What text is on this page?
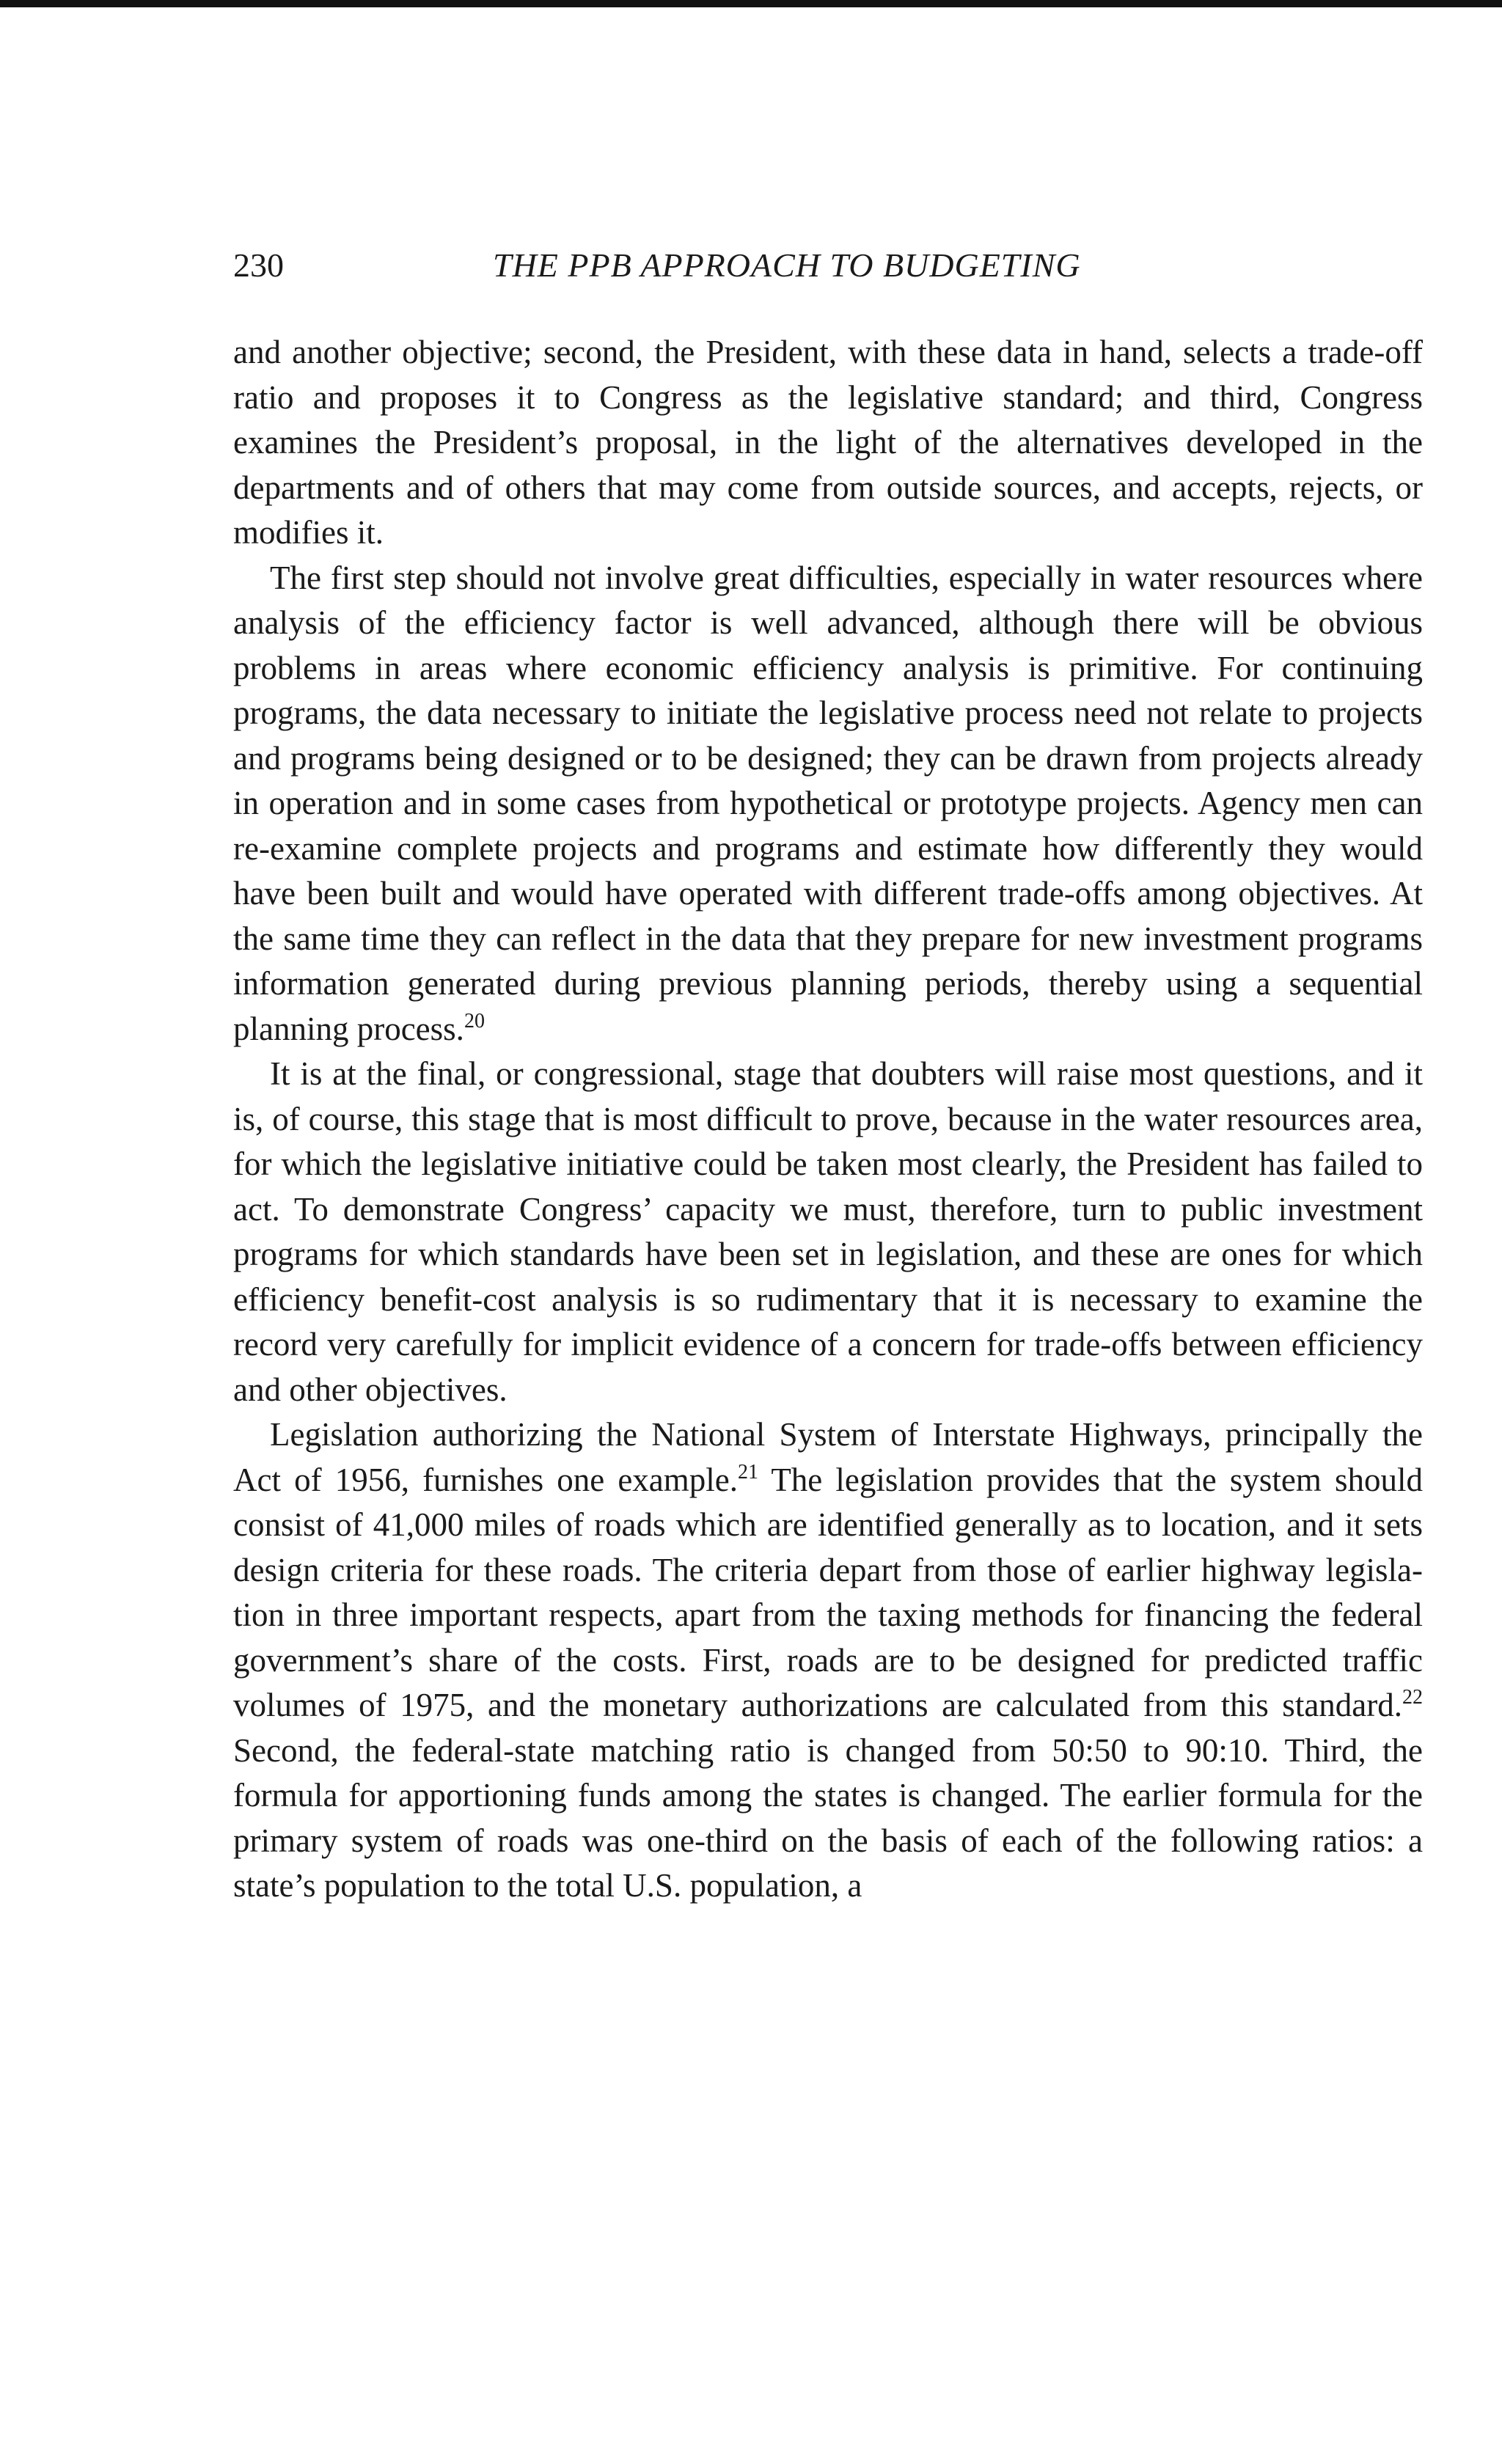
230	THE PPB APPROACH TO BUDGETING

and another objective; second, the President, with these data in hand, selects a trade-off ratio and proposes it to Congress as the legislative standard; and third, Congress examines the President’s proposal, in the light of the alternatives developed in the departments and of others that may come from outside sources, and accepts, rejects, or modifies it.

The first step should not involve great difficulties, especially in water resources where analysis of the efficiency factor is well advanced, although there will be obvious problems in areas where economic efficiency analysis is primitive. For continuing programs, the data necessary to initiate the legislative process need not relate to projects and programs being designed or to be designed; they can be drawn from projects already in operation and in some cases from hypothetical or prototype projects. Agency men can re-examine complete projects and programs and estimate how differently they would have been built and would have operated with different trade-offs among objectives. At the same time they can reflect in the data that they prepare for new investment programs information generated during previous planning periods, thereby using a sequential planning process.$^{20}$

It is at the final, or congressional, stage that doubters will raise most questions, and it is, of course, this stage that is most difficult to prove, because in the water resources area, for which the legislative initiative could be taken most clearly, the President has failed to act. To demonstrate Congress’ capacity we must, therefore, turn to public investment programs for which standards have been set in legislation, and these are ones for which efficiency benefit-cost analysis is so rudimentary that it is necessary to examine the record very carefully for implicit evidence of a concern for trade-offs between efficiency and other objectives.

Legislation authorizing the National System of Interstate Highways, principally the Act of 1956, furnishes one example.$^{21}$ The legislation provides that the system should consist of 41,000 miles of roads which are identified generally as to location, and it sets design criteria for these roads. The criteria depart from those of earlier highway legislation in three important respects, apart from the taxing methods for financing the federal government’s share of the costs. First, roads are to be designed for predicted traffic volumes of 1975, and the monetary authorizations are calculated from this standard.$^{22}$ Second, the federal-state matching ratio is changed from 50:50 to 90:10. Third, the formula for apportioning funds among the states is changed. The earlier formula for the primary system of roads was one-third on the basis of each of the following ratios: a state’s population to the total U.S. population, a
